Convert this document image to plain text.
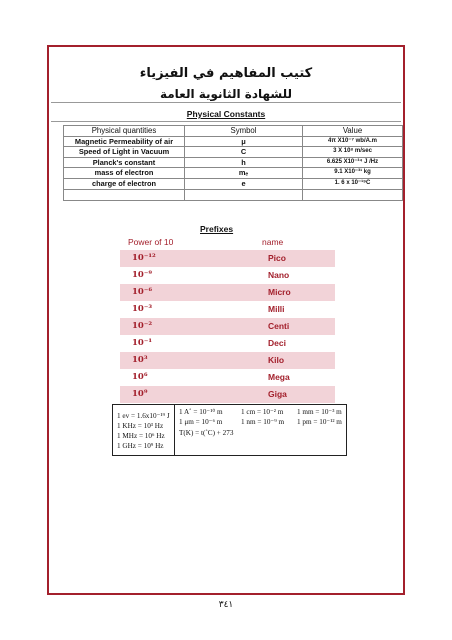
كتيب المفاهيم في الفيزياء
للشهادة الثانوية العامة
Physical Constants
Physical quantities	Symbol	Value
Magnetic Permeability of air	μ	4π X10⁻⁷ wb/A.m
Speed of Light in Vacuum	C	3 X 10⁸ m/sec
Planck's constant	h	6.625 X10⁻³⁴ J /Hz
mass of electron	mₑ	9.1 X10⁻³¹ kg
charge of electron	e	1. 6 x 10⁻¹⁹C

Prefixes
Power of 10	name
10⁻¹²	Pico
10⁻⁹	Nano
10⁻⁶	Micro
10⁻³	Milli
10⁻²	Centi
10⁻¹	Deci
10³	Kilo
10⁶	Mega
10⁹	Giga
1 ev = 1.6x10⁻¹⁹ J
1 KHz = 10³ Hz
1 MHz = 10⁶ Hz
1 GHz = 10⁹ Hz
1 A˚ = 10⁻¹⁰ m	1 cm = 10⁻² m 1 mm = 10⁻³ m
1 μm = 10⁻⁶ m	1 nm = 10⁻⁹ m 1 pm = 10⁻¹² m
T(K) = t(˚C) + 273
٣٤١
